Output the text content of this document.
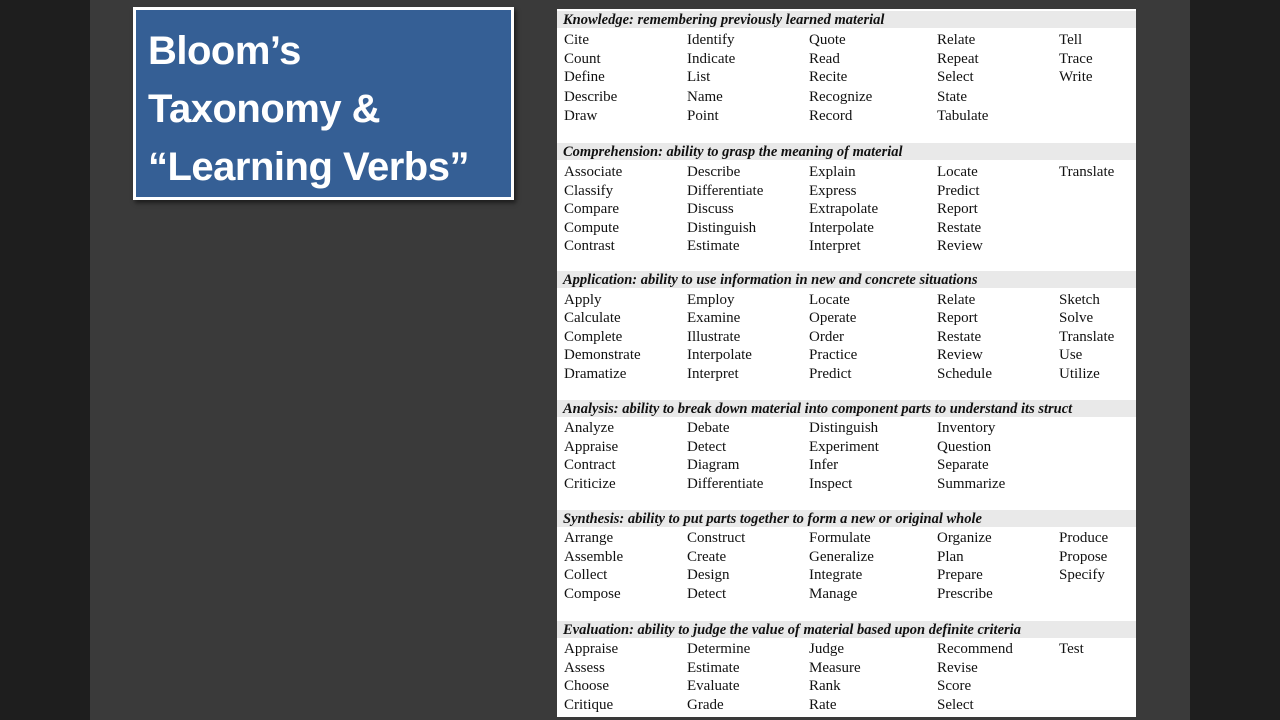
Bloom’s
Taxonomy &
“Learning Verbs”
Knowledge: remembering previously learned material
Cite
Count
Define
Describe
Draw
Identify
Indicate
List
Name
Point
Quote
Read
Recite
Recognize
Record
Relate
Repeat
Select
State
Tabulate
Tell
Trace
Write
Comprehension: ability to grasp the meaning of material
Associate
Classify
Compare
Compute
Contrast
Describe
Differentiate
Discuss
Distinguish
Estimate
Explain
Express
Extrapolate
Interpolate
Interpret
Locate
Predict
Report
Restate
Review
Translate
Application: ability to use information in new and concrete situations
Apply
Calculate
Complete
Demonstrate
Dramatize
Employ
Examine
Illustrate
Interpolate
Interpret
Locate
Operate
Order
Practice
Predict
Relate
Report
Restate
Review
Schedule
Sketch
Solve
Translate
Use
Utilize
Analysis: ability to break down material into component parts to understand its struct
Analyze
Appraise
Contract
Criticize
Debate
Detect
Diagram
Differentiate
Distinguish
Experiment
Infer
Inspect
Inventory
Question
Separate
Summarize
Synthesis: ability to put parts together to form a new or original whole
Arrange
Assemble
Collect
Compose
Construct
Create
Design
Detect
Formulate
Generalize
Integrate
Manage
Organize
Plan
Prepare
Prescribe
Produce
Propose
Specify
Evaluation: ability to judge the value of material based upon definite criteria
Appraise
Assess
Choose
Critique
Determine
Estimate
Evaluate
Grade
Judge
Measure
Rank
Rate
Recommend
Revise
Score
Select
Test
